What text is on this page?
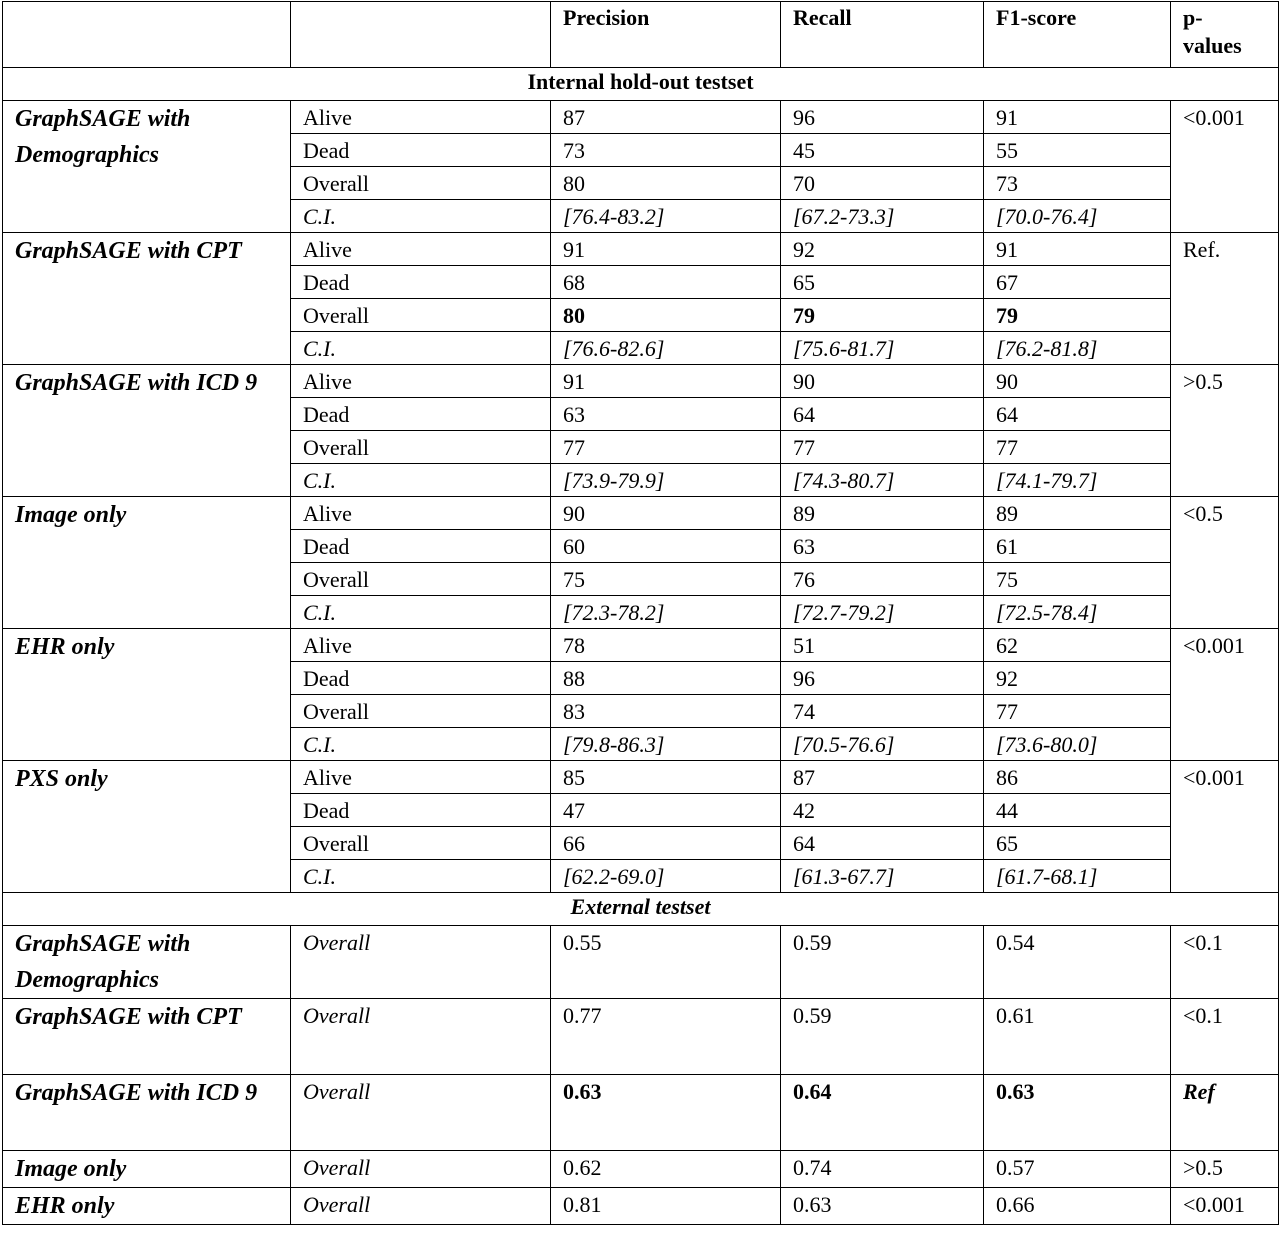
		Precision	Recall	F1-score	p-
values
Internal hold-out testset					
GraphSAGE with Demographics	Alive	87	96	91	<0.001
	Dead	73	45	55	
	Overall	80	70	73	
	C.I.	[76.4-83.2]	[67.2-73.3]	[70.0-76.4]	
GraphSAGE with CPT	Alive	91	92	91	Ref.
	Dead	68	65	67	
	Overall	80	79	79	
	C.I.	[76.6-82.6]	[75.6-81.7]	[76.2-81.8]	
GraphSAGE with ICD 9	Alive	91	90	90	>0.5
	Dead	63	64	64	
	Overall	77	77	77	
	C.I.	[73.9-79.9]	[74.3-80.7]	[74.1-79.7]	
Image only	Alive	90	89	89	<0.5
	Dead	60	63	61	
	Overall	75	76	75	
	C.I.	[72.3-78.2]	[72.7-79.2]	[72.5-78.4]	
EHR only	Alive	78	51	62	<0.001
	Dead	88	96	92	
	Overall	83	74	77	
	C.I.	[79.8-86.3]	[70.5-76.6]	[73.6-80.0]	
PXS only	Alive	85	87	86	<0.001
	Dead	47	42	44	
	Overall	66	64	65	
	C.I.	[62.2-69.0]	[61.3-67.7]	[61.7-68.1]	
External testset					
GraphSAGE with Demographics	Overall	0.55	0.59	0.54	<0.1
GraphSAGE with CPT	Overall	0.77	0.59	0.61	<0.1
GraphSAGE with ICD 9	Overall	0.63	0.64	0.63	Ref
Image only	Overall	0.62	0.74	0.57	>0.5
EHR only	Overall	0.81	0.63	0.66	<0.001
